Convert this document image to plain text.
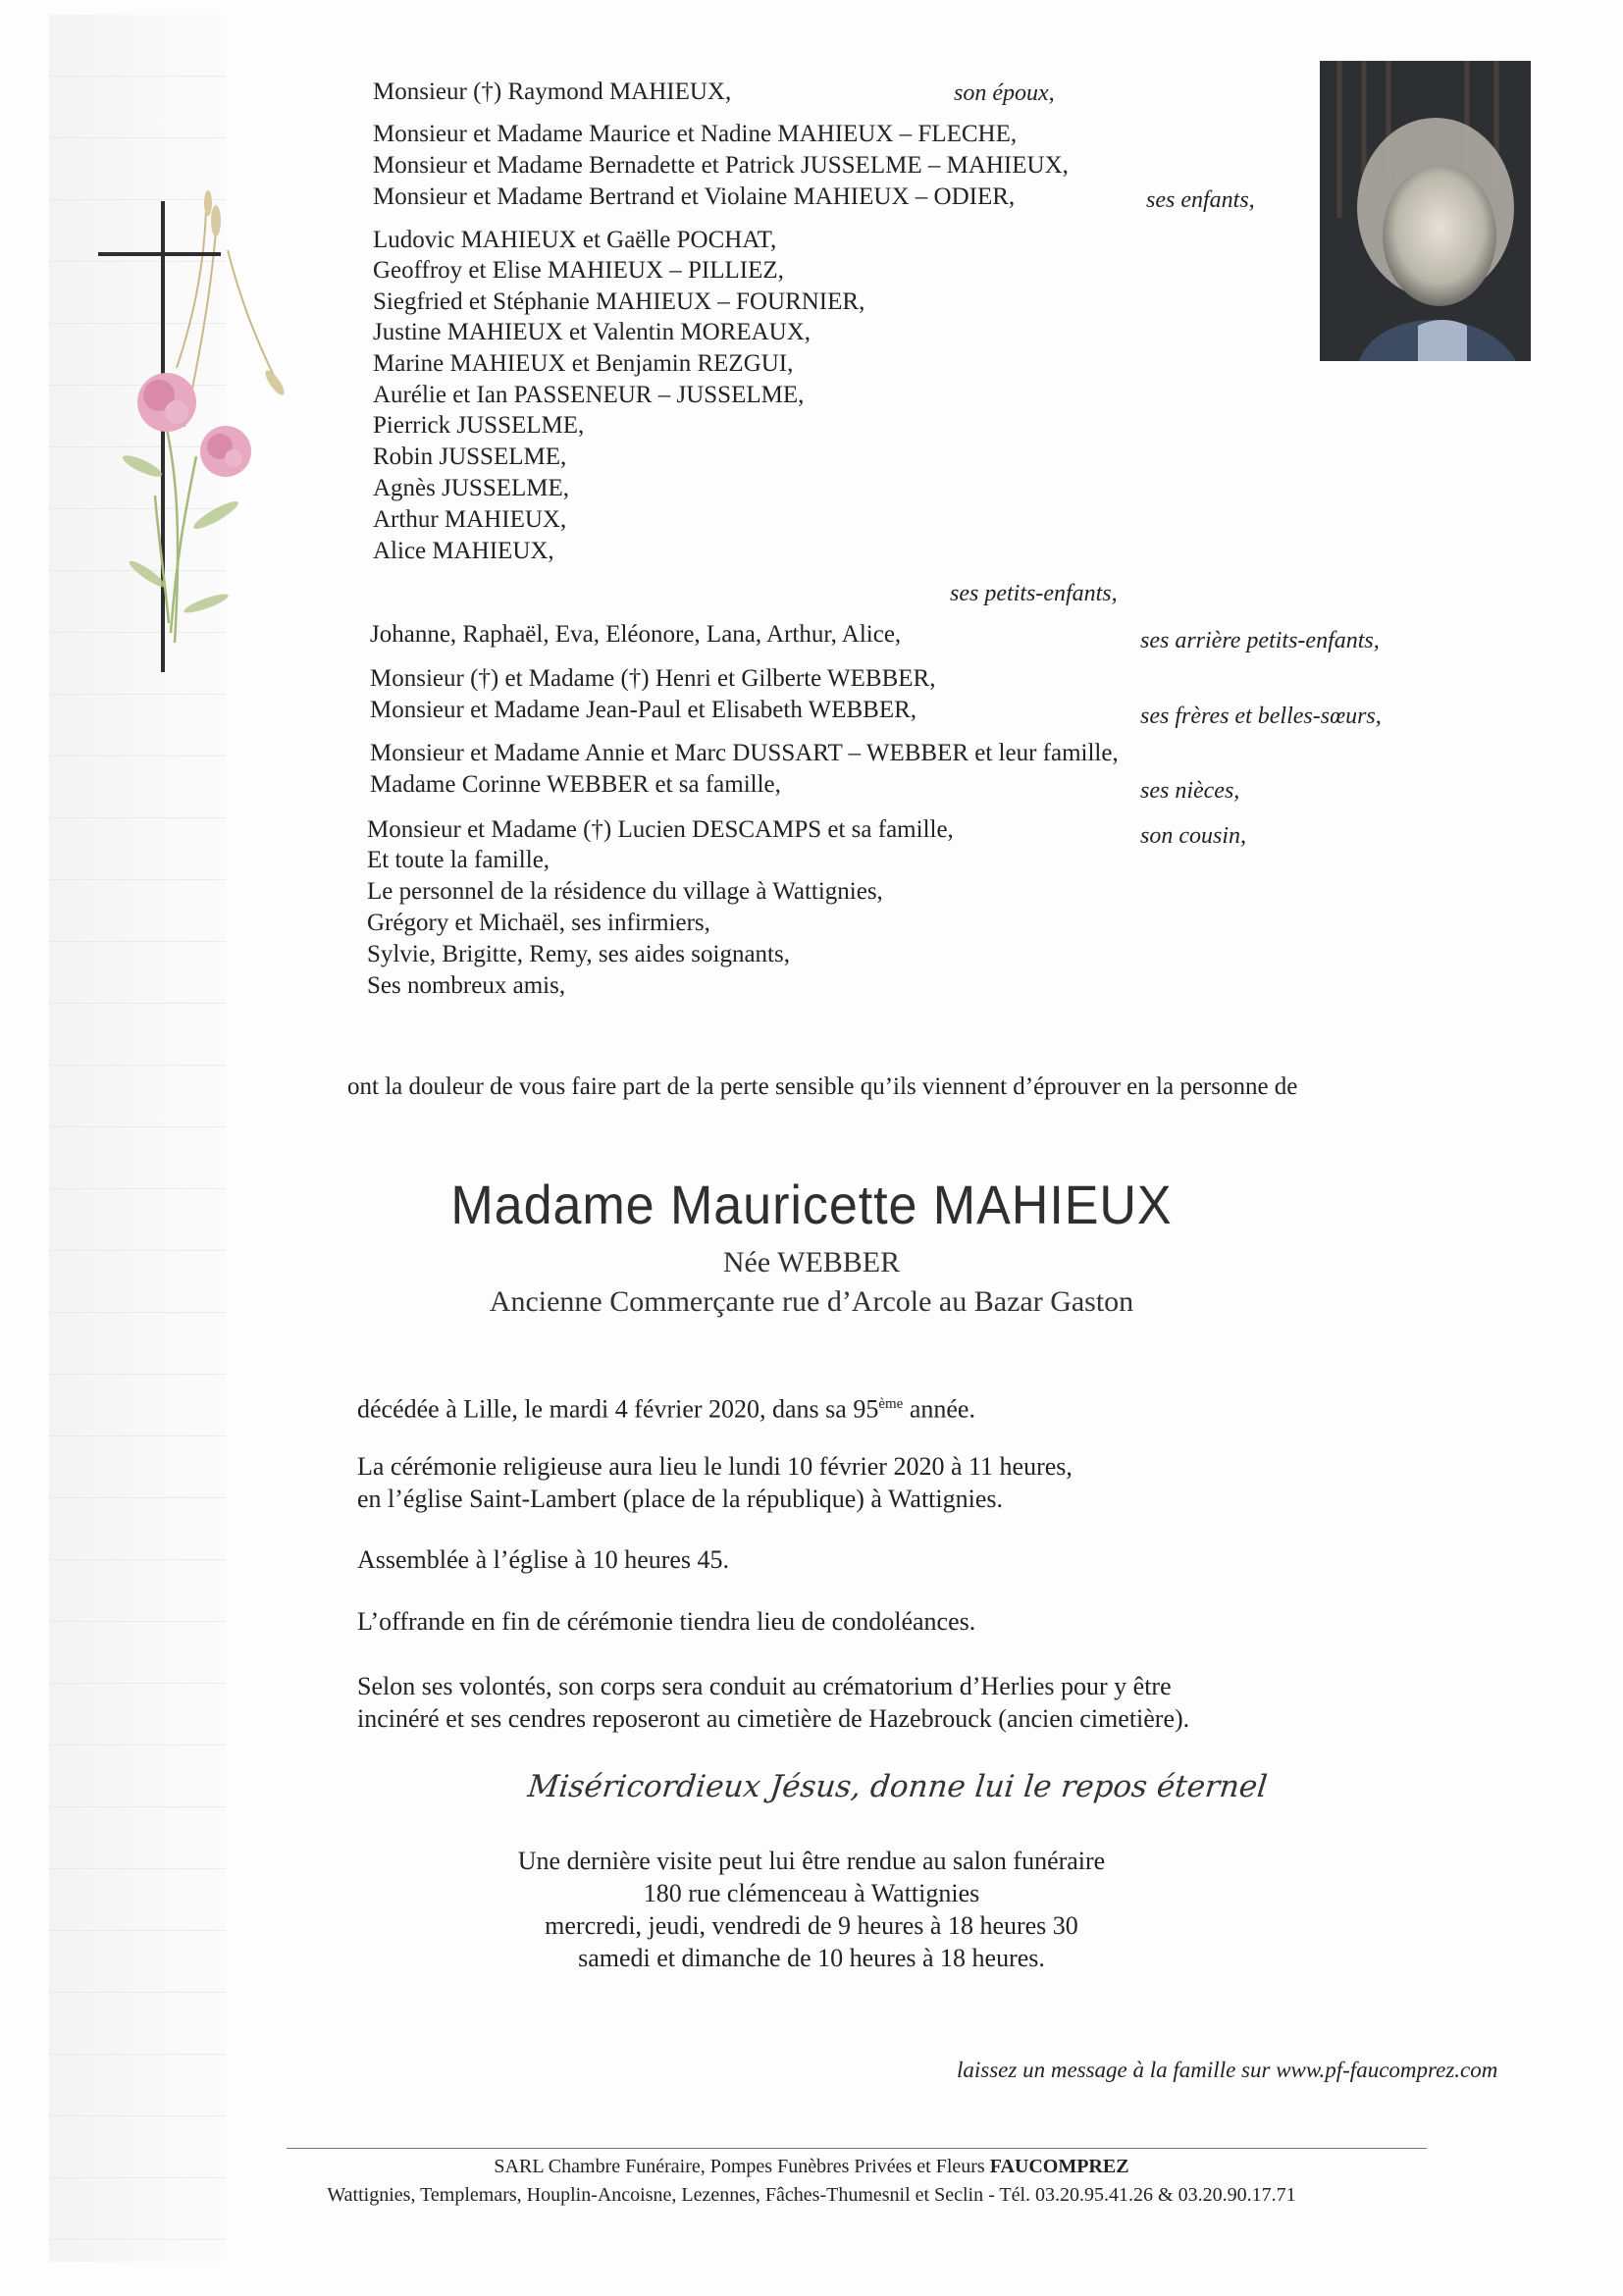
Monsieur (†) Raymond MAHIEUX,
Monsieur et Madame Maurice et Nadine MAHIEUX – FLECHE,
Monsieur et Madame Bernadette et Patrick JUSSELME – MAHIEUX,
Monsieur et Madame Bertrand et Violaine MAHIEUX – ODIER,
Ludovic MAHIEUX et Gaëlle POCHAT,
Geoffroy et Elise MAHIEUX – PILLIEZ,
Siegfried et Stéphanie MAHIEUX – FOURNIER,
Justine MAHIEUX et Valentin MOREAUX,
Marine MAHIEUX et Benjamin REZGUI,
Aurélie et Ian PASSENEUR – JUSSELME,
Pierrick JUSSELME,
Robin JUSSELME,
Agnès JUSSELME,
Arthur MAHIEUX,
Alice MAHIEUX,
Johanne, Raphaël, Eva, Eléonore, Lana, Arthur, Alice,
Monsieur (†) et Madame (†) Henri et Gilberte WEBBER,
Monsieur et Madame Jean-Paul et Elisabeth WEBBER,
Monsieur et Madame Annie et Marc DUSSART – WEBBER et leur famille,
Madame Corinne WEBBER et sa famille,
Monsieur et Madame (†) Lucien DESCAMPS et sa famille,
Et toute la famille,
Le personnel de la résidence du village à Wattignies,
Grégory et Michaël, ses infirmiers,
Sylvie, Brigitte, Remy, ses aides soignants,
Ses nombreux amis,
son époux,
ses enfants,
ses petits-enfants,
ses arrière petits-enfants,
ses frères et belles-sœurs,
ses nièces,
son cousin,
ont la douleur de vous faire part de la perte sensible qu’ils viennent d’éprouver en la personne de
Madame Mauricette MAHIEUX
Née WEBBER
Ancienne Commerçante rue d’Arcole au Bazar Gaston
décédée à Lille, le mardi 4 février 2020, dans sa 95ème année.
La cérémonie religieuse aura lieu le lundi 10 février 2020 à 11 heures,
en l’église Saint-Lambert (place de la république) à Wattignies.
Assemblée à l’église à 10 heures 45.
L’offrande en fin de cérémonie tiendra lieu de condoléances.
Selon ses volontés, son corps sera conduit au crématorium d’Herlies pour y être
incinéré et ses cendres reposeront au cimetière de Hazebrouck (ancien cimetière).
Miséricordieux Jésus, donne lui le repos éternel
Une dernière visite peut lui être rendue au salon funéraire
180 rue clémenceau à Wattignies
mercredi, jeudi, vendredi de 9 heures à 18 heures 30
samedi et dimanche de 10 heures à 18 heures.
laissez un message à la famille sur www.pf-faucomprez.com
SARL Chambre Funéraire, Pompes Funèbres Privées et Fleurs FAUCOMPREZ
Wattignies, Templemars, Houplin-Ancoisne, Lezennes, Fâches-Thumesnil et Seclin - Tél. 03.20.95.41.26 & 03.20.90.17.71
